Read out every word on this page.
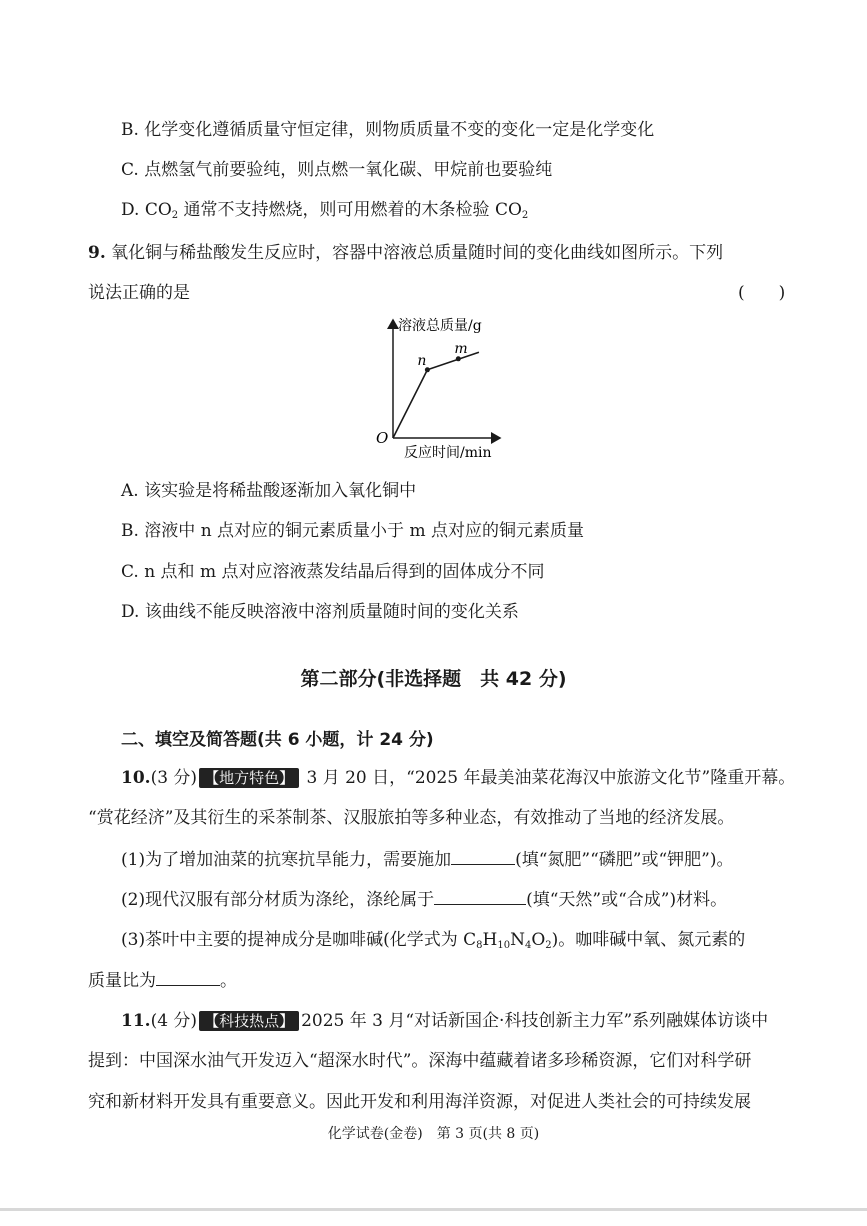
B. 化学变化遵循质量守恒定律，则物质质量不变的变化一定是化学变化
C. 点燃氢气前要验纯，则点燃一氧化碳、甲烷前也要验纯
D. $CO_2$ 通常不支持燃烧，则可用燃着的木条检验 $CO_2$
9. 氧化铜与稀盐酸发生反应时，容器中溶液总质量随时间的变化曲线如图所示。下列
说法正确的是	(　　)
溶液总质量/g
反应时间/min
O
n
m
A. 该实验是将稀盐酸逐渐加入氧化铜中
B. 溶液中 n 点对应的铜元素质量小于 m 点对应的铜元素质量
C. n 点和 m 点对应溶液蒸发结晶后得到的固体成分不同
D. 该曲线不能反映溶液中溶剂质量随时间的变化关系
第二部分(非选择题　共 42 分)
二、填空及简答题(共 6 小题，计 24 分)
10.(3 分) 【地方特色】 3 月 20 日，“2025 年最美油菜花海汉中旅游文化节”隆重开幕。
“赏花经济”及其衍生的采茶制茶、汉服旅拍等多种业态，有效推动了当地的经济发展。
(1)为了增加油菜的抗寒抗旱能力，需要施加	(填“氮肥”“磷肥”或“钾肥”)。
(2)现代汉服有部分材质为涤纶，涤纶属于	(填“天然”或“合成”)材料。
(3)茶叶中主要的提神成分是咖啡碱(化学式为 $C_8H_{10}N_4O_2$)。咖啡碱中氧、氮元素的
质量比为	。
11.(4 分) 【科技热点】 2025 年 3 月“对话新国企·科技创新主力军”系列融媒体访谈中
提到：中国深水油气开发迈入“超深水时代”。深海中蕴藏着诸多珍稀资源，它们对科学研
究和新材料开发具有重要意义。因此开发和利用海洋资源，对促进人类社会的可持续发展
化学试卷(金卷)　第 3 页(共 8 页)
